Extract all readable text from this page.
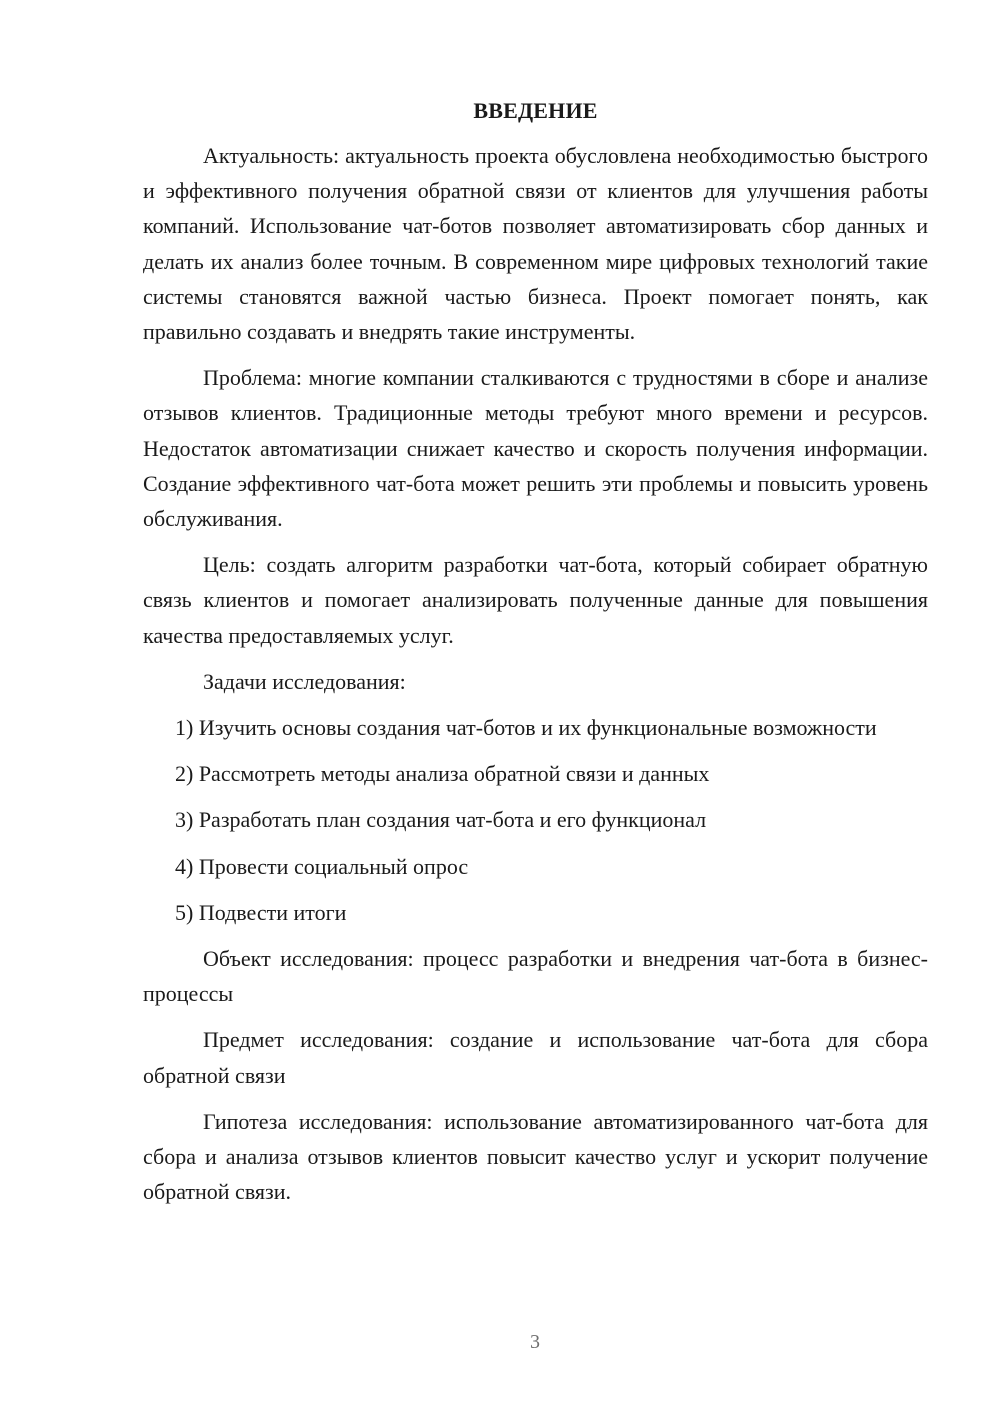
ВВЕДЕНИЕ

Актуальность: актуальность проекта обусловлена необходимостью быстрого и эффективного получения обратной связи от клиентов для улучшения работы компаний. Использование чат-ботов позволяет автоматизировать сбор данных и делать их анализ более точным. В современном мире цифровых технологий такие системы становятся важной частью бизнеса. Проект помогает понять, как правильно создавать и внедрять такие инструменты.

Проблема: многие компании сталкиваются с трудностями в сборе и анализе отзывов клиентов. Традиционные методы требуют много времени и ресурсов. Недостаток автоматизации снижает качество и скорость получения информации. Создание эффективного чат-бота может решить эти проблемы и повысить уровень обслуживания.

Цель: создать алгоритм разработки чат-бота, который собирает обратную связь клиентов и помогает анализировать полученные данные для повышения качества предоставляемых услуг.

Задачи исследования:

1) Изучить основы создания чат-ботов и их функциональные возможности

2) Рассмотреть методы анализа обратной связи и данных

3) Разработать план создания чат-бота и его функционал

4) Провести социальный опрос

5) Подвести итоги

Объект исследования: процесс разработки и внедрения чат-бота в бизнес-процессы

Предмет исследования: создание и использование чат-бота для сбора обратной связи

Гипотеза исследования: использование автоматизированного чат-бота для сбора и анализа отзывов клиентов повысит качество услуг и ускорит получение обратной связи.

3
